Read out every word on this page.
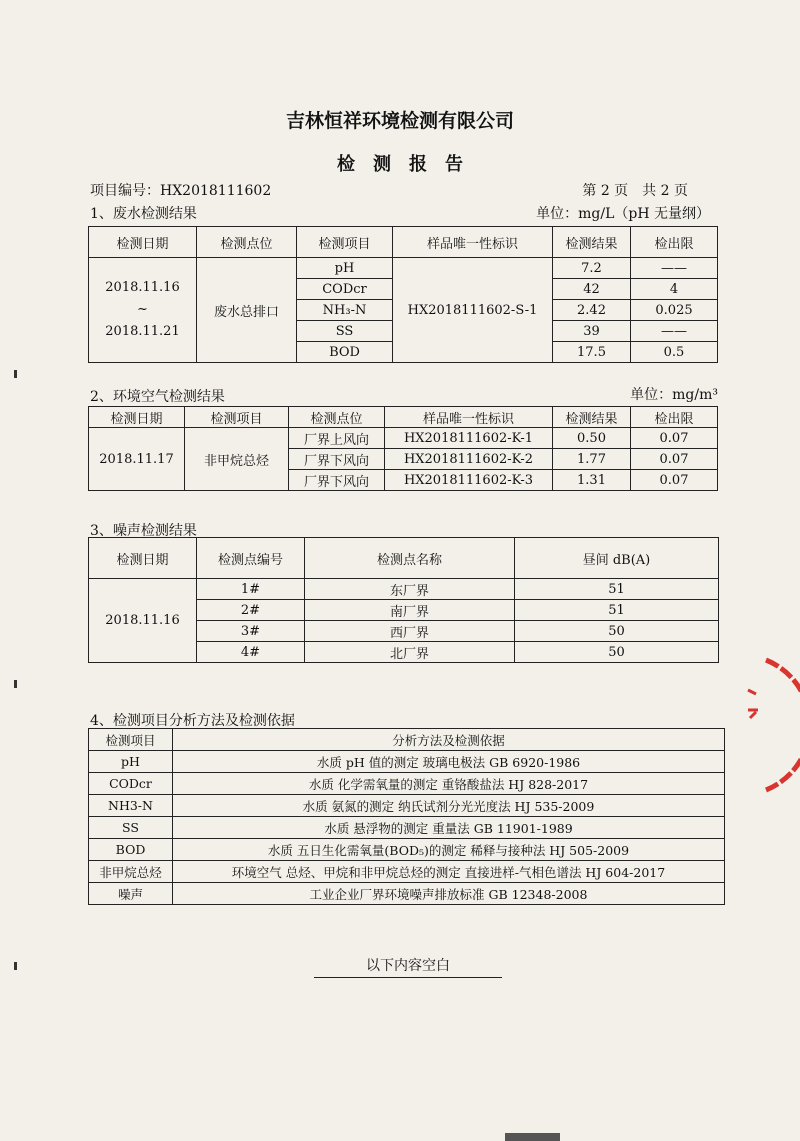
吉林恒祥环境检测有限公司
检测报告
项目编号：HX2018111602	第 2 页　共 2 页
1、废水检测结果	单位：mg/L（pH 无量纲）
检测日期	检测点位	检测项目	样品唯一性标识	检测结果	检出限

2018.11.16
~
2018.11.21	废水总排口	pH	HX2018111602-S-1	7.2	——
		CODcr		42	4
		NH₃-N		2.42	0.025
		SS		39	——
		BOD		17.5	0.5
2、环境空气检测结果	单位：mg/m³
检测日期	检测项目	检测点位	样品唯一性标识	检测结果	检出限
2018.11.17	非甲烷总烃	厂界上风向	HX2018111602-K-1	0.50	0.07
		厂界下风向	HX2018111602-K-2	1.77	0.07
		厂界下风向	HX2018111602-K-3	1.31	0.07
3、噪声检测结果
检测日期	检测点编号	检测点名称	昼间 dB(A)
2018.11.16	1#	东厂界	51
	2#	南厂界	51
	3#	西厂界	50
	4#	北厂界	50
4、检测项目分析方法及检测依据
检测项目	分析方法及检测依据
pH	水质 pH 值的测定 玻璃电极法 GB 6920-1986
CODcr	水质 化学需氧量的测定 重铬酸盐法 HJ 828-2017
NH3-N	水质 氨氮的测定 纳氏试剂分光光度法 HJ 535-2009
SS	水质 悬浮物的测定 重量法 GB 11901-1989
BOD	水质 五日生化需氧量(BOD₅)的测定 稀释与接种法 HJ 505-2009
非甲烷总烃	环境空气 总烃、甲烷和非甲烷总烃的测定 直接进样-气相色谱法 HJ 604-2017
噪声	工业企业厂界环境噪声排放标准 GB 12348-2008
以下内容空白
